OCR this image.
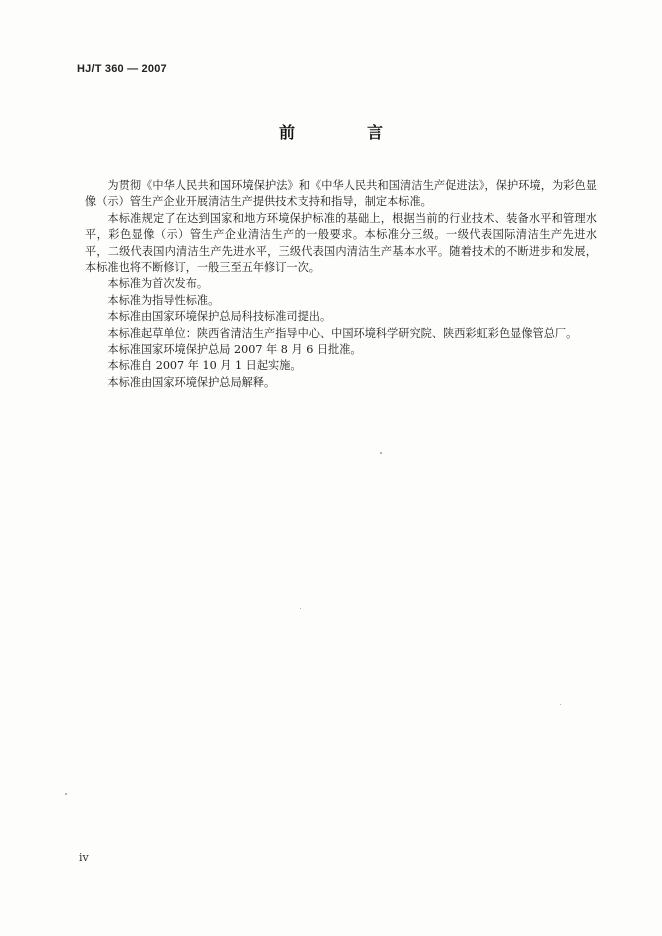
HJ/T 360 — 2007
前　言

为贯彻《中华人民共和国环境保护法》和《中华人民共和国清洁生产促进法》，保护环境，为彩色显像（示）管生产企业开展清洁生产提供技术支持和指导，制定本标准。

本标准规定了在达到国家和地方环境保护标准的基础上，根据当前的行业技术、装备水平和管理水平，彩色显像（示）管生产企业清洁生产的一般要求。本标准分三级。一级代表国际清洁生产先进水平，二级代表国内清洁生产先进水平，三级代表国内清洁生产基本水平。随着技术的不断进步和发展，本标准也将不断修订，一般三至五年修订一次。

本标准为首次发布。

本标准为指导性标准。

本标准由国家环境保护总局科技标准司提出。

本标准起草单位：陕西省清洁生产指导中心、中国环境科学研究院、陕西彩虹彩色显像管总厂。

本标准国家环境保护总局 2007 年 8 月 6 日批准。

本标准自 2007 年 10 月 1 日起实施。

本标准由国家环境保护总局解释。

iv
